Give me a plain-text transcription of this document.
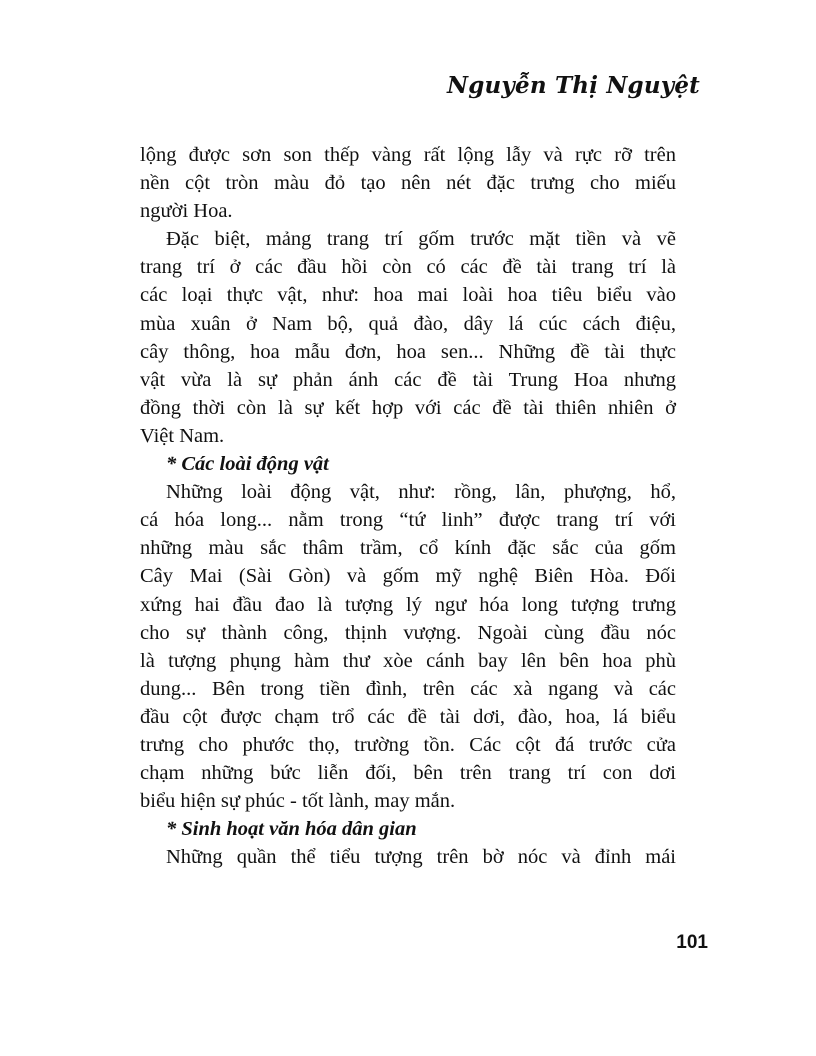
Nguyễn Thị Nguyệt
lộng được sơn son thếp vàng rất lộng lẫy và rực rỡ trên
nền cột tròn màu đỏ tạo nên nét đặc trưng cho miếu
người Hoa.
Đặc biệt, mảng trang trí gốm trước mặt tiền và vẽ
trang trí ở các đầu hồi còn có các đề tài trang trí là
các loại thực vật, như: hoa mai loài hoa tiêu biểu vào
mùa xuân ở Nam bộ, quả đào, dây lá cúc cách điệu,
cây thông, hoa mẫu đơn, hoa sen... Những đề tài thực
vật vừa là sự phản ánh các đề tài Trung Hoa nhưng
đồng thời còn là sự kết hợp với các đề tài thiên nhiên ở
Việt Nam.
* Các loài động vật
Những loài động vật, như: rồng, lân, phượng, hổ,
cá hóa long... nằm trong “tứ linh” được trang trí với
những màu sắc thâm trầm, cổ kính đặc sắc của gốm
Cây Mai (Sài Gòn) và gốm mỹ nghệ Biên Hòa. Đối
xứng hai đầu đao là tượng lý ngư hóa long tượng trưng
cho sự thành công, thịnh vượng. Ngoài cùng đầu nóc
là tượng phụng hàm thư xòe cánh bay lên bên hoa phù
dung... Bên trong tiền đình, trên các xà ngang và các
đầu cột được chạm trổ các đề tài dơi, đào, hoa, lá biểu
trưng cho phước thọ, trường tồn. Các cột đá trước cửa
chạm những bức liễn đối, bên trên trang trí con dơi
biểu hiện sự phúc - tốt lành, may mắn.
* Sinh hoạt văn hóa dân gian
Những quần thể tiểu tượng trên bờ nóc và đỉnh mái
101
